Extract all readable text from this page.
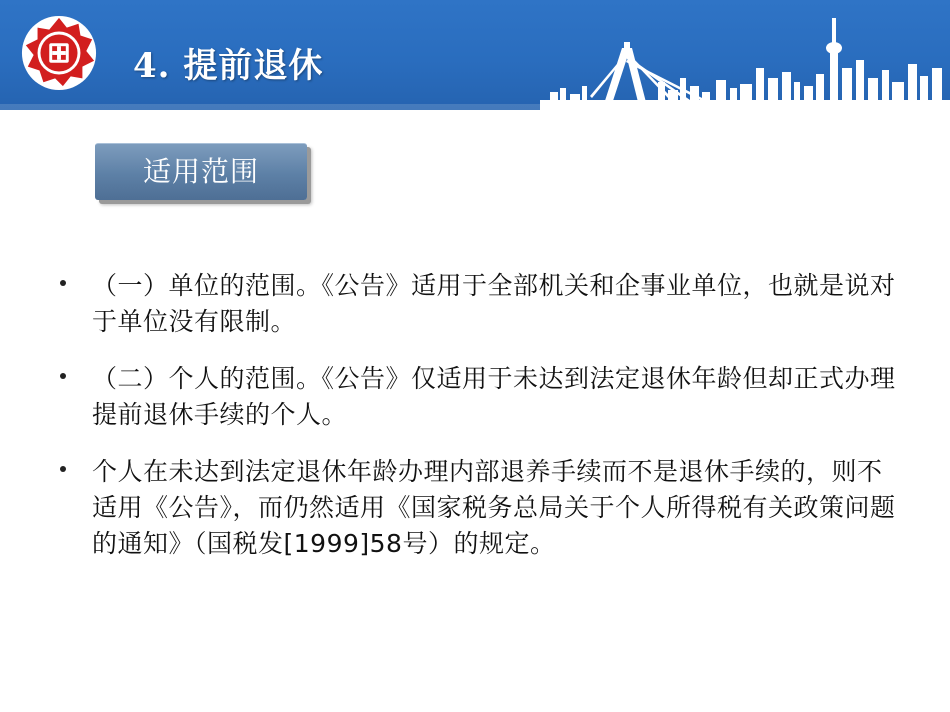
4. 提前退休
适用范围
（一）单位的范围。《公告》适用于全部机关和企事业单位，也就是说对于单位没有限制。
（二）个人的范围。《公告》仅适用于未达到法定退休年龄但却正式办理提前退休手续的个人。
个人在未达到法定退休年龄办理内部退养手续而不是退休手续的，则不适用《公告》，而仍然适用《国家税务总局关于个人所得税有关政策问题的通知》（国税发[1999]58号）的规定。
